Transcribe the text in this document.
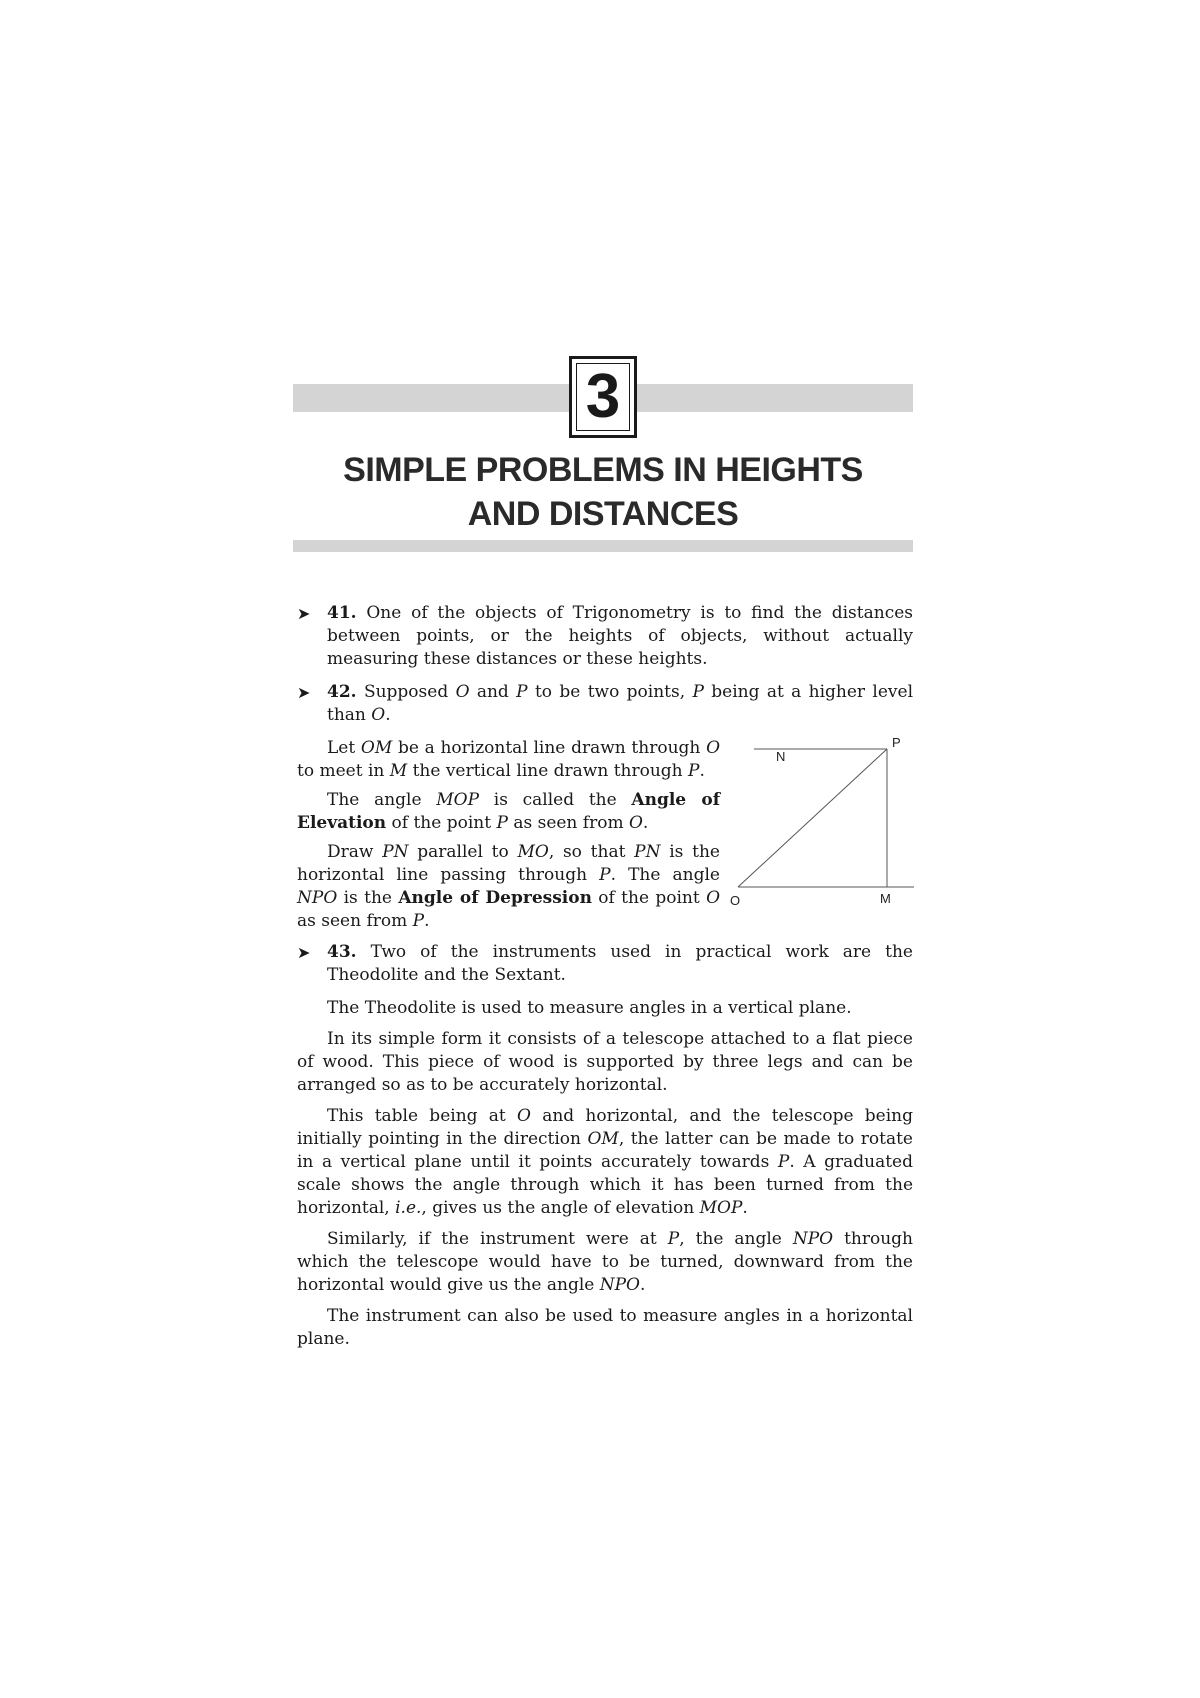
3
SIMPLE PROBLEMS IN HEIGHTS
AND DISTANCES
➤ 41. One of the objects of Trigonometry is to find the distances between points, or the heights of objects, without actually measuring these distances or these heights.
➤ 42. Supposed O and P to be two points, P being at a higher level than O.

Let OM be a horizontal line drawn through O to meet in M the vertical line drawn through P.

The angle MOP is called the Angle of Elevation of the point P as seen from O.

Draw PN parallel to MO, so that PN is the horizontal line passing through P. The angle NPO is the Angle of Depression of the point O as seen from P.

N
P
O	M
➤ 43. Two of the instruments used in practical work are the Theodolite and the Sextant.

The Theodolite is used to measure angles in a vertical plane.

In its simple form it consists of a telescope attached to a flat piece of wood. This piece of wood is supported by three legs and can be arranged so as to be accurately horizontal.

This table being at O and horizontal, and the telescope being initially pointing in the direction OM, the latter can be made to rotate in a vertical plane until it points accurately towards P. A graduated scale shows the angle through which it has been turned from the horizontal, i.e., gives us the angle of elevation MOP.

Similarly, if the instrument were at P, the angle NPO through which the telescope would have to be turned, downward from the horizontal would give us the angle NPO.

The instrument can also be used to measure angles in a horizontal plane.
